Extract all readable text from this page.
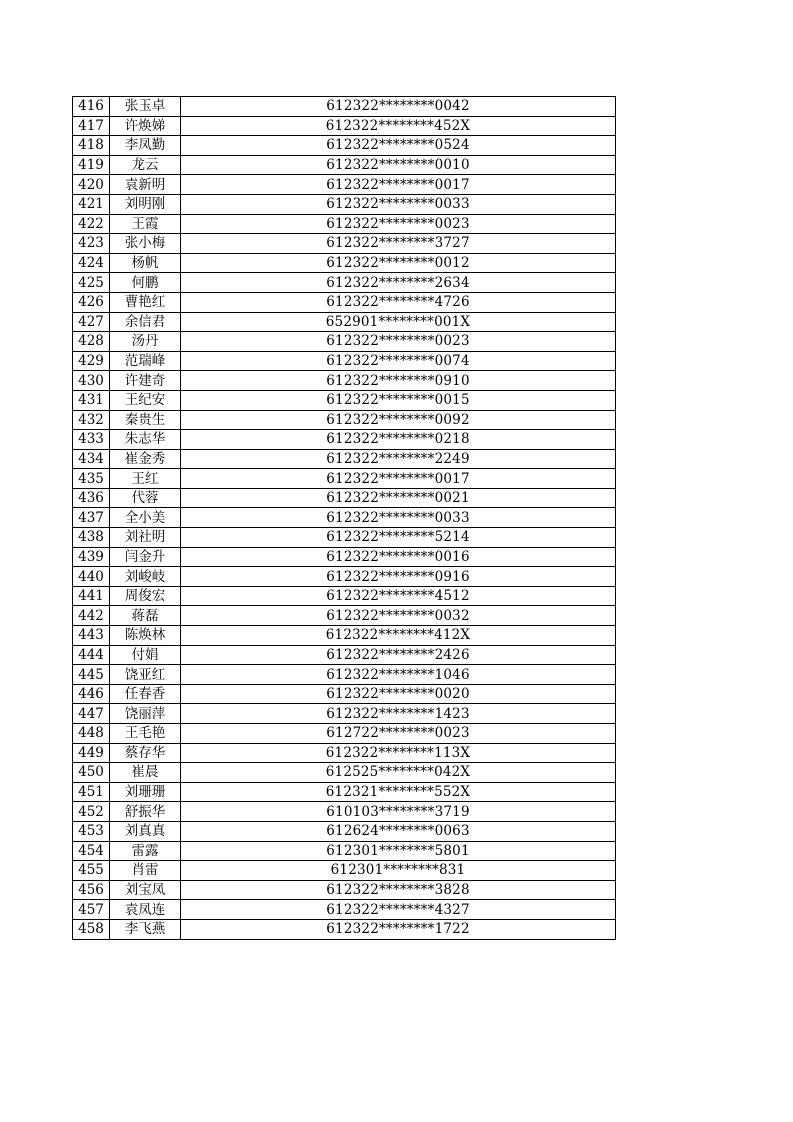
416	张玉卓	612322********0042
417	许焕娣	612322********452X
418	李凤勤	612322********0524
419	龙云	612322********0010
420	袁新明	612322********0017
421	刘明刚	612322********0033
422	王霞	612322********0023
423	张小梅	612322********3727
424	杨帆	612322********0012
425	何鹏	612322********2634
426	曹艳红	612322********4726
427	余信君	652901********001X
428	汤丹	612322********0023
429	范瑞峰	612322********0074
430	许建奇	612322********0910
431	王纪安	612322********0015
432	秦贵生	612322********0092
433	朱志华	612322********0218
434	崔金秀	612322********2249
435	王红	612322********0017
436	代蓉	612322********0021
437	全小美	612322********0033
438	刘社明	612322********5214
439	闫金升	612322********0016
440	刘峻岐	612322********0916
441	周俊宏	612322********4512
442	蒋磊	612322********0032
443	陈焕林	612322********412X
444	付娟	612322********2426
445	饶亚红	612322********1046
446	任春香	612322********0020
447	饶丽萍	612322********1423
448	王毛艳	612722********0023
449	蔡存华	612322********113X
450	崔晨	612525********042X
451	刘珊珊	612321********552X
452	舒振华	610103********3719
453	刘真真	612624********0063
454	雷露	612301********5801
455	肖雷	612301********831
456	刘宝凤	612322********3828
457	袁凤连	612322********4327
458	李飞燕	612322********1722
